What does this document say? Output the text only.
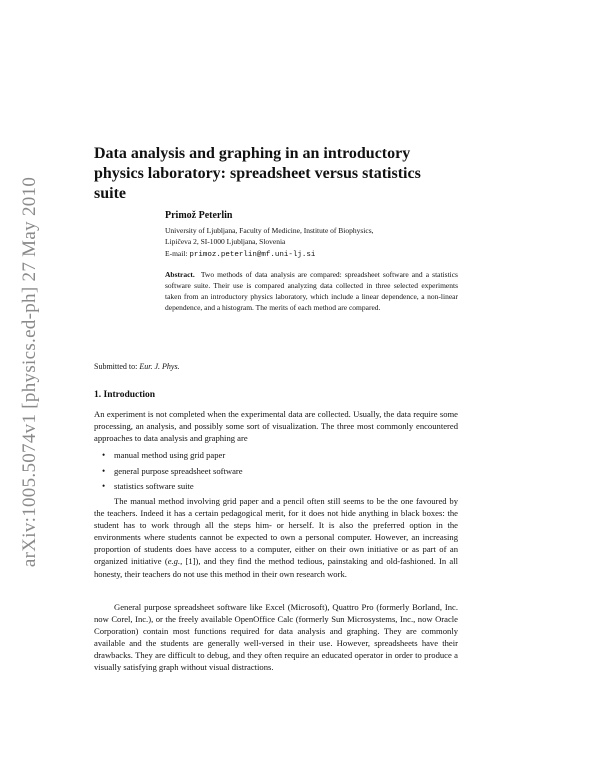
arXiv:1005.5074v1 [physics.ed-ph] 27 May 2010
Data analysis and graphing in an introductory physics laboratory: spreadsheet versus statistics suite
Primož Peterlin
University of Ljubljana, Faculty of Medicine, Institute of Biophysics,
Lipičeva 2, SI-1000 Ljubljana, Slovenia
E-mail: primoz.peterlin@mf.uni-lj.si

Abstract. Two methods of data analysis are compared: spreadsheet software and a statistics software suite. Their use is compared analyzing data collected in three selected experiments taken from an introductory physics laboratory, which include a linear dependence, a non-linear dependence, and a histogram. The merits of each method are compared.

Submitted to: Eur. J. Phys.
1. Introduction

An experiment is not completed when the experimental data are collected. Usually, the data require some processing, an analysis, and possibly some sort of visualization. The three most commonly encountered approaches to data analysis and graphing are

• manual method using grid paper
• general purpose spreadsheet software
• statistics software suite

The manual method involving grid paper and a pencil often still seems to be the one favoured by the teachers. Indeed it has a certain pedagogical merit, for it does not hide anything in black boxes: the student has to work through all the steps him- or herself. It is also the preferred option in the environments where students cannot be expected to own a personal computer. However, an increasing proportion of students does have access to a computer, either on their own initiative or as part of an organized initiative (e.g., [1]), and they find the method tedious, painstaking and old-fashioned. In all honesty, their teachers do not use this method in their own research work.

General purpose spreadsheet software like Excel (Microsoft), Quattro Pro (formerly Borland, Inc. now Corel, Inc.), or the freely available OpenOffice Calc (formerly Sun Microsystems, Inc., now Oracle Corporation) contain most functions required for data analysis and graphing. They are commonly available and the students are generally well-versed in their use. However, spreadsheets have their drawbacks. They are difficult to debug, and they often require an educated operator in order to produce a visually satisfying graph without visual distractions.
